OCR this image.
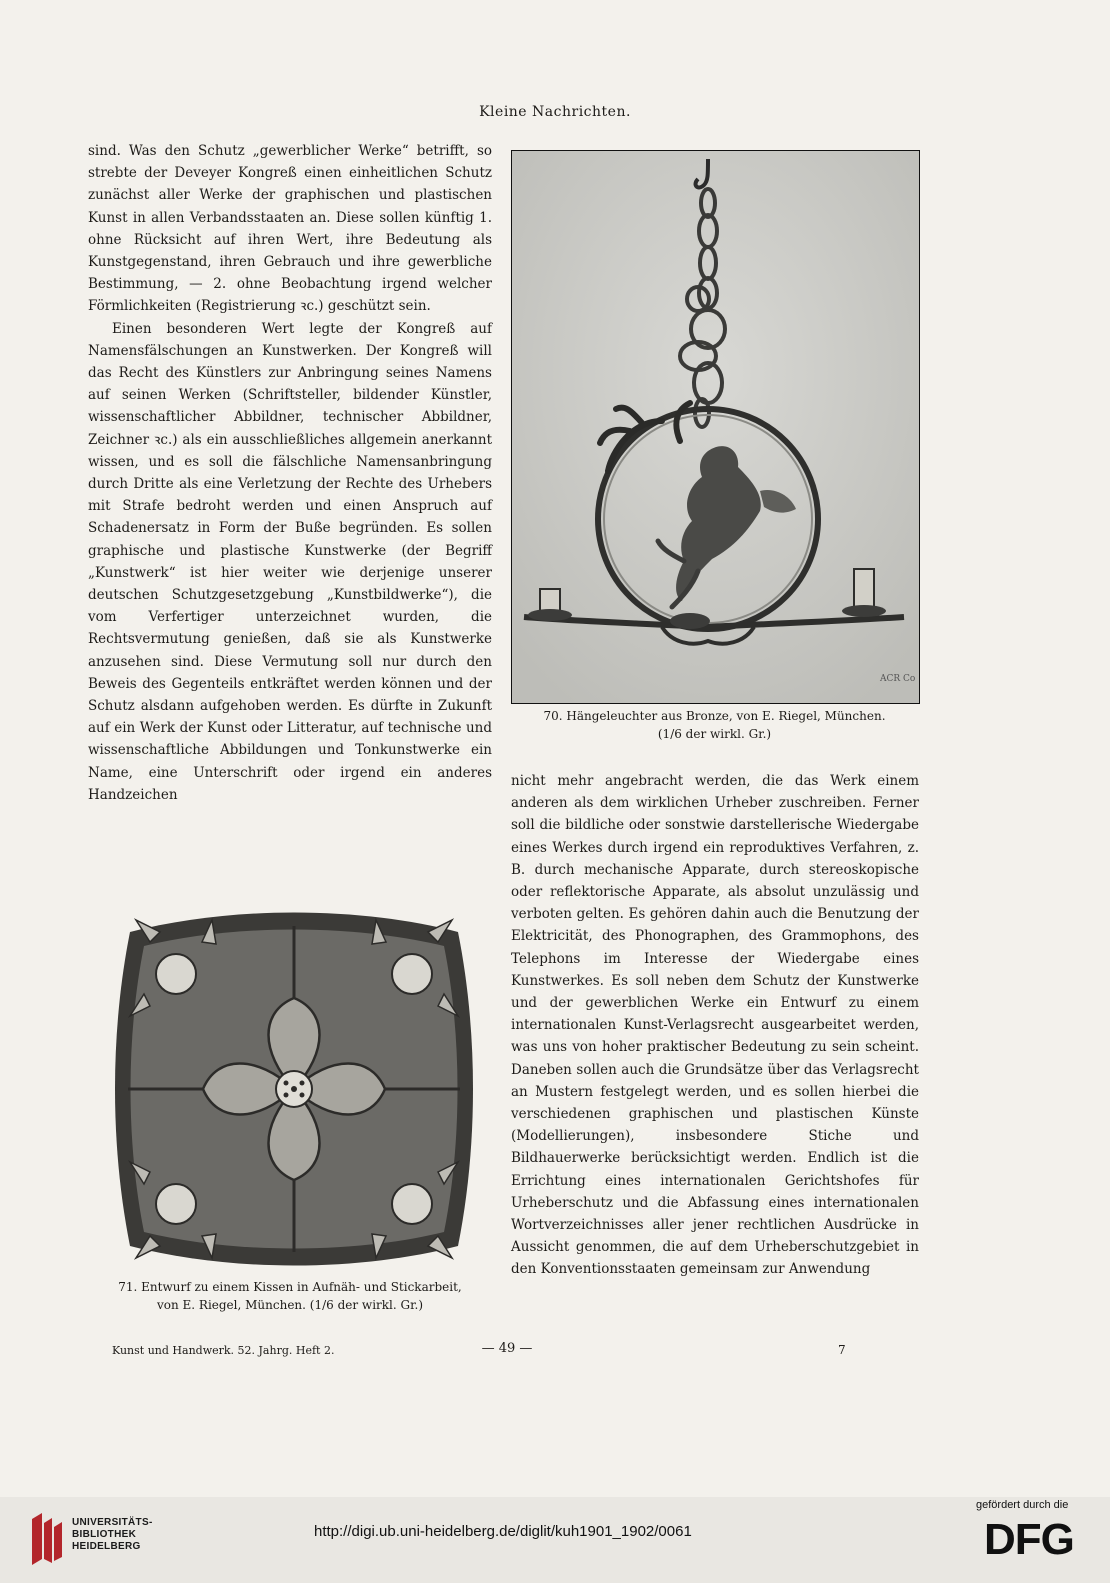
Kleine Nachrichten.

sind. Was den Schutz „gewerblicher Werke“ betrifft, so strebte der Deveyer Kongreß einen einheitlichen Schutz zunächst aller Werke der graphischen und plastischen Kunst in allen Verbandsstaaten an. Diese sollen künftig 1. ohne Rücksicht auf ihren Wert, ihre Bedeutung als Kunstgegenstand, ihren Gebrauch und ihre gewerbliche Bestimmung, — 2. ohne Beobachtung irgend welcher Förmlichkeiten (Registrierung ꝛc.) geschützt sein.

Einen besonderen Wert legte der Kongreß auf Namensfälschungen an Kunstwerken. Der Kongreß will das Recht des Künstlers zur Anbringung seines Namens auf seinen Werken (Schriftsteller, bildender Künstler, wissenschaftlicher Abbildner, technischer Abbildner, Zeichner ꝛc.) als ein ausschließliches allgemein anerkannt wissen, und es soll die fälschliche Namensanbringung durch Dritte als eine Verletzung der Rechte des Urhebers mit Strafe bedroht werden und einen Anspruch auf Schadenersatz in Form der Buße begründen. Es sollen graphische und plastische Kunstwerke (der Begriff „Kunstwerk“ ist hier weiter wie derjenige unserer deutschen Schutzgesetzgebung „Kunstbildwerke“), die vom Verfertiger unterzeichnet wurden, die Rechtsvermutung genießen, daß sie als Kunstwerke anzusehen sind. Diese Vermutung soll nur durch den Beweis des Gegenteils entkräftet werden können und der Schutz alsdann aufgehoben werden. Es dürfte in Zukunft auf ein Werk der Kunst oder Litteratur, auf technische und wissenschaftliche Abbildungen und Tonkunstwerke ein Name, eine Unterschrift oder irgend ein anderes Handzeichen

ACR Co
70. Hängeleuchter aus Bronze, von E. Riegel, München.
(1/6 der wirkl. Gr.)

nicht mehr angebracht werden, die das Werk einem anderen als dem wirklichen Urheber zuschreiben. Ferner soll die bildliche oder sonstwie darstellerische Wiedergabe eines Werkes durch irgend ein reproduktives Verfahren, z. B. durch mechanische Apparate, durch stereoskopische oder reflektorische Apparate, als absolut unzulässig und verboten gelten. Es gehören dahin auch die Benutzung der Elektricität, des Phonographen, des Grammophons, des Telephons im Interesse der Wiedergabe eines Kunstwerkes. Es soll neben dem Schutz der Kunstwerke und der gewerblichen Werke ein Entwurf zu einem internationalen Kunst-Verlagsrecht ausgearbeitet werden, was uns von hoher praktischer Bedeutung zu sein scheint. Daneben sollen auch die Grundsätze über das Verlagsrecht an Mustern festgelegt werden, und es sollen hierbei die verschiedenen graphischen und plastischen Künste (Modellierungen), insbesondere Stiche und Bildhauerwerke berücksichtigt werden. Endlich ist die Errichtung eines internationalen Gerichtshofes für Urheberschutz und die Abfassung eines internationalen Wortverzeichnisses aller jener rechtlichen Ausdrücke in Aussicht genommen, die auf dem Urheberschutzgebiet in den Konventionsstaaten gemeinsam zur Anwendung

71. Entwurf zu einem Kissen in Aufnäh- und Stickarbeit,
von E. Riegel, München. (1/6 der wirkl. Gr.)
Kunst und Handwerk. 52. Jahrg. Heft 2.	— 49 —	7
UNIVERSITÄTS-
BIBLIOTHEK
HEIDELBERG
http://digi.ub.uni-heidelberg.de/diglit/kuh1901_1902/0061
gefördert durch die
DFG
